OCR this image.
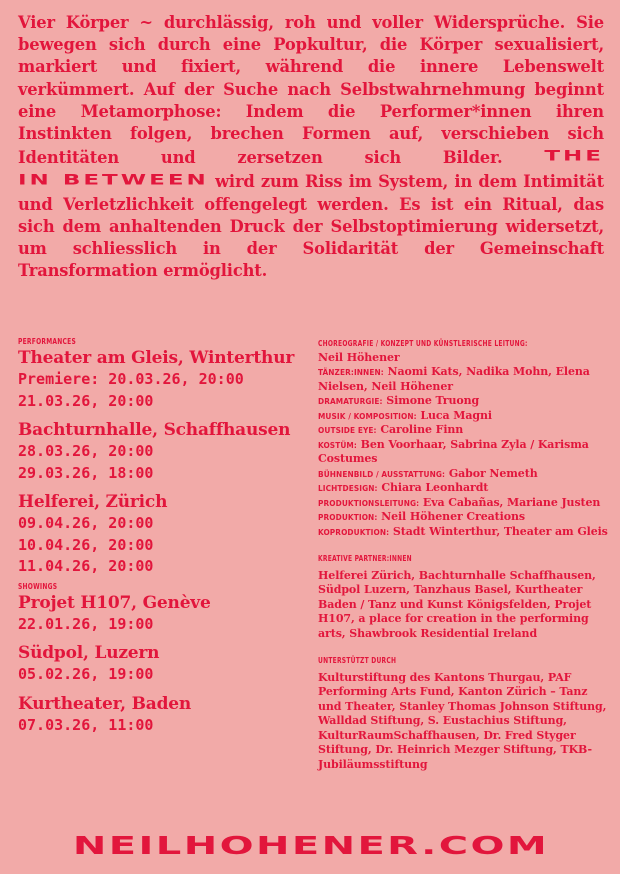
Vier Körper ~ durchlässig, roh und voller Widersprüche. Sie bewegen sich durch eine Popkultur, die Körper sexualisiert, markiert und fixiert, während die innere Lebenswelt verkümmert. Auf der Suche nach Selbstwahrnehmung beginnt eine Metamorphose: Indem die Performer*innen ihren Instinkten folgen, brechen Formen auf, verschieben sich Identitäten und zersetzen sich Bilder. THE IN BETWEEN wird zum Riss im System, in dem Intimität und Verletzlichkeit offengelegt werden. Es ist ein Ritual, das sich dem anhaltenden Druck der Selbstoptimierung widersetzt, um schliesslich in der Solidarität der Gemeinschaft Transformation ermöglicht.
PERFORMANCES
Theater am Gleis, Winterthur
Premiere: 20.03.26, 20:00
21.03.26, 20:00
Bachturnhalle, Schaffhausen
28.03.26, 20:00
29.03.26, 18:00
Helferei, Zürich
09.04.26, 20:00
10.04.26, 20:00
11.04.26, 20:00
SHOWINGS
Projet H107, Genève
22.01.26, 19:00
Südpol, Luzern
05.02.26, 19:00
Kurtheater, Baden
07.03.26, 11:00
CHOREOGRAFIE / KONZEPT UND KÜNSTLERISCHE LEITUNG:
Neil Höhener
TÄNZER:INNEN: Naomi Kats, Nadika Mohn, Elena Nielsen, Neil Höhener
DRAMATURGIE: Simone Truong
MUSIK / KOMPOSITION: Luca Magni
OUTSIDE EYE: Caroline Finn
KOSTÜM: Ben Voorhaar, Sabrina Zyla / Karisma Costumes
BÜHNENBILD / AUSSTATTUNG: Gabor Nemeth
LICHTDESIGN: Chiara Leonhardt
PRODUKTIONSLEITUNG: Eva Cabañas, Mariane Justen
PRODUKTION: Neil Höhener Creations
KOPRODUKTION: Stadt Winterthur, Theater am Gleis
KREATIVE PARTNER:INNEN
Helferei Zürich, Bachturnhalle Schaffhausen, Südpol Luzern, Tanzhaus Basel, Kurtheater Baden / Tanz und Kunst Königsfelden, Projet H107, a place for creation in the performing arts, Shawbrook Residential Ireland
UNTERSTÜTZT DURCH
Kulturstiftung des Kantons Thurgau, PAF Performing Arts Fund, Kanton Zürich – Tanz und Theater, Stanley Thomas Johnson Stiftung, Walldad Stiftung, S. Eustachius Stiftung, KulturRaumSchaffhausen, Dr. Fred Styger Stiftung, Dr. Heinrich Mezger Stiftung, TKB-Jubiläumsstiftung
NEILHOHENER.COM
